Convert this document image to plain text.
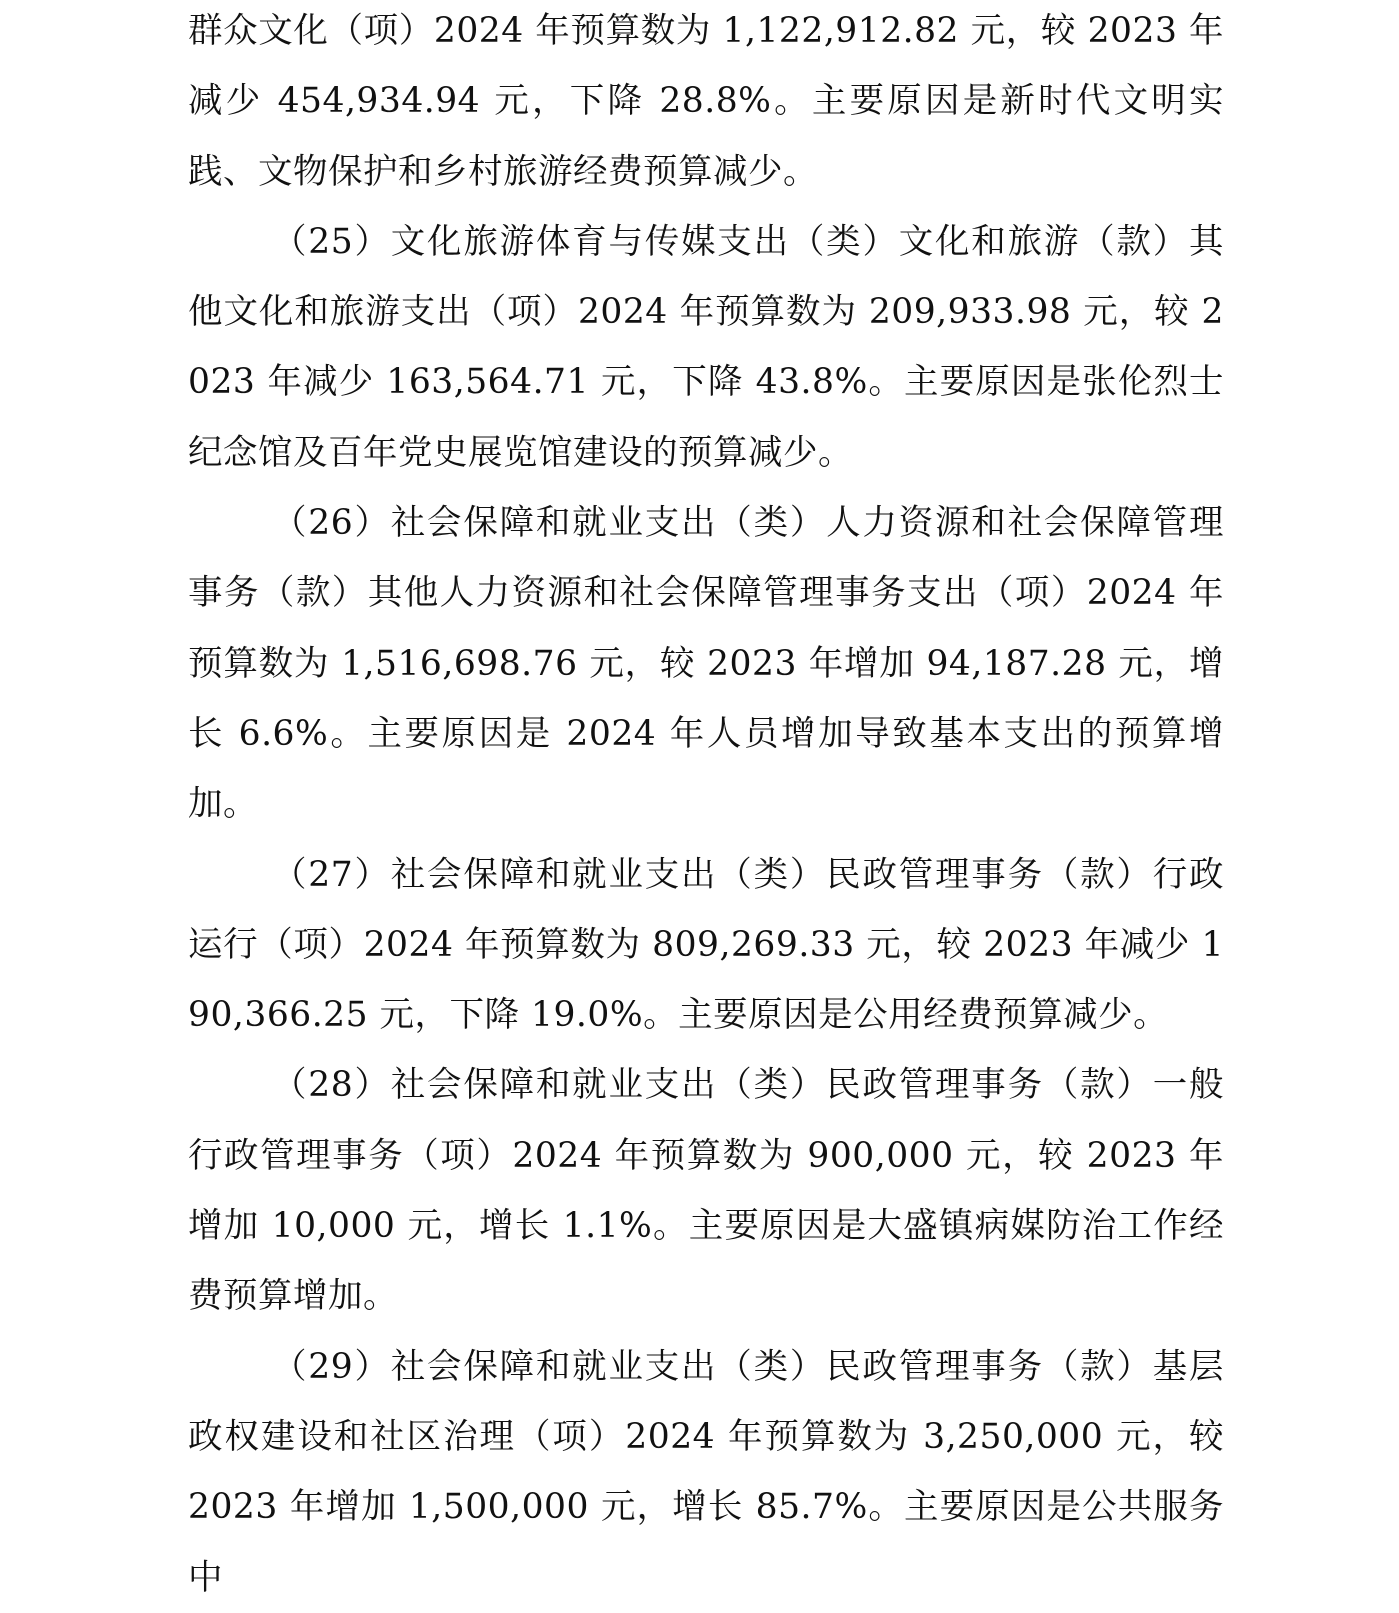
群众文化（项）2024 年预算数为 1,122,912.82 元，较 2023 年减少 454,934.94 元，下降 28.8%。主要原因是新时代文明实践、文物保护和乡村旅游经费预算减少。

（25）文化旅游体育与传媒支出（类）文化和旅游（款）其他文化和旅游支出（项）2024 年预算数为 209,933.98 元，较 2023 年减少 163,564.71 元，下降 43.8%。主要原因是张伦烈士纪念馆及百年党史展览馆建设的预算减少。

（26）社会保障和就业支出（类）人力资源和社会保障管理事务（款）其他人力资源和社会保障管理事务支出（项）2024 年预算数为 1,516,698.76 元，较 2023 年增加 94,187.28 元，增长 6.6%。主要原因是 2024 年人员增加导致基本支出的预算增加。

（27）社会保障和就业支出（类）民政管理事务（款）行政运行（项）2024 年预算数为 809,269.33 元，较 2023 年减少 190,366.25 元，下降 19.0%。主要原因是公用经费预算减少。

（28）社会保障和就业支出（类）民政管理事务（款）一般行政管理事务（项）2024 年预算数为 900,000 元，较 2023 年增加 10,000 元，增长 1.1%。主要原因是大盛镇病媒防治工作经费预算增加。

（29）社会保障和就业支出（类）民政管理事务（款）基层政权建设和社区治理（项）2024 年预算数为 3,250,000 元，较 2023 年增加 1,500,000 元，增长 85.7%。主要原因是公共服务中
